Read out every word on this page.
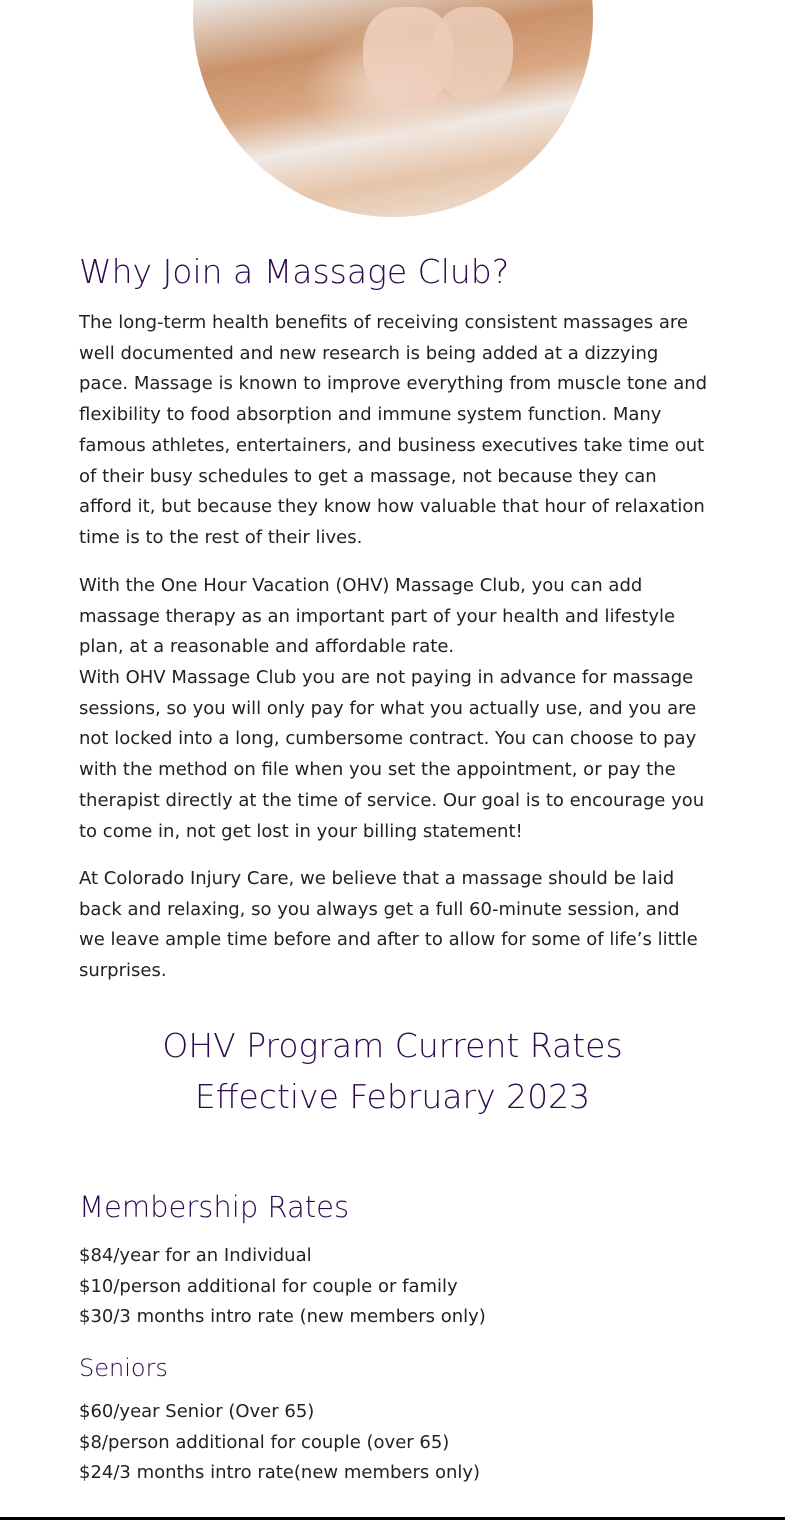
Why Join a Massage Club?

The long-term health benefits of receiving consistent massages are well documented and new research is being added at a dizzying pace. Massage is known to improve everything from muscle tone and flexibility to food absorption and immune system function. Many famous athletes, entertainers, and business executives take time out of their busy schedules to get a massage, not because they can afford it, but because they know how valuable that hour of relaxation time is to the rest of their lives.

With the One Hour Vacation (OHV) Massage Club, you can add massage therapy as an important part of your health and lifestyle plan, at a reasonable and affordable rate.

With OHV Massage Club you are not paying in advance for massage sessions, so you will only pay for what you actually use, and you are not locked into a long, cumbersome contract. You can choose to pay with the method on file when you set the appointment, or pay the therapist directly at the time of service. Our goal is to encourage you to come in, not get lost in your billing statement!

At Colorado Injury Care, we believe that a massage should be laid back and relaxing, so you always get a full 60-minute session, and we leave ample time before and after to allow for some of life’s little surprises.

OHV Program Current Rates
Effective February 2023
Membership Rates

$84/year for an Individual

$10/person additional for couple or family

$30/3 months intro rate (new members only)

Seniors

$60/year Senior (Over 65)

$8/person additional for couple (over 65)

$24/3 months intro rate(new members only)
